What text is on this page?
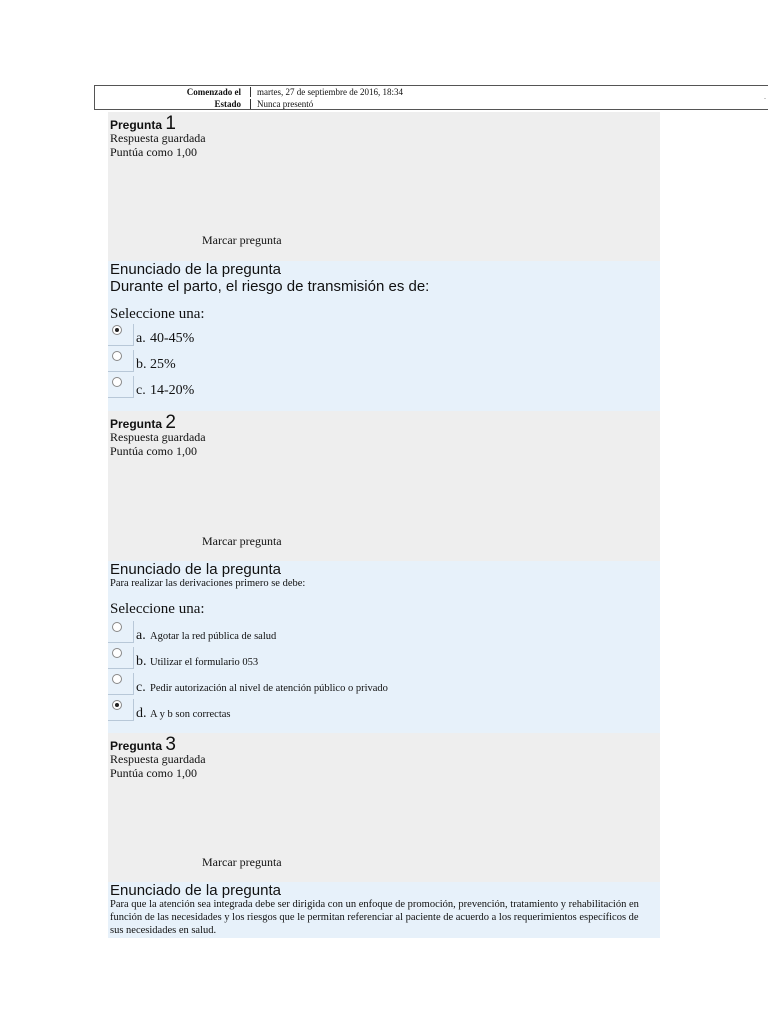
Comenzado el martes, 27 de septiembre de 2016, 18:34
Estado Nunca presentó
.
Pregunta 1
Respuesta guardada
Puntúa como 1,00
Marcar pregunta
Enunciado de la pregunta
Durante el parto, el riesgo de transmisión es de:
Seleccione una:
a. 40-45%
b. 25%
c. 14-20%
Pregunta 2
Respuesta guardada
Puntúa como 1,00
Marcar pregunta
Enunciado de la pregunta
Para realizar las derivaciones primero se debe:
Seleccione una:
a. Agotar la red pública de salud
b. Utilizar el formulario 053
c. Pedir autorización al nivel de atención público o privado
d. A y b son correctas
Pregunta 3
Respuesta guardada
Puntúa como 1,00
Marcar pregunta
Enunciado de la pregunta
Para que la atención sea integrada debe ser dirigida con un enfoque de promoción, prevención, tratamiento y rehabilitación en función de las necesidades y los riesgos que le permitan referenciar al paciente de acuerdo a los requerimientos específicos de sus necesidades en salud.
